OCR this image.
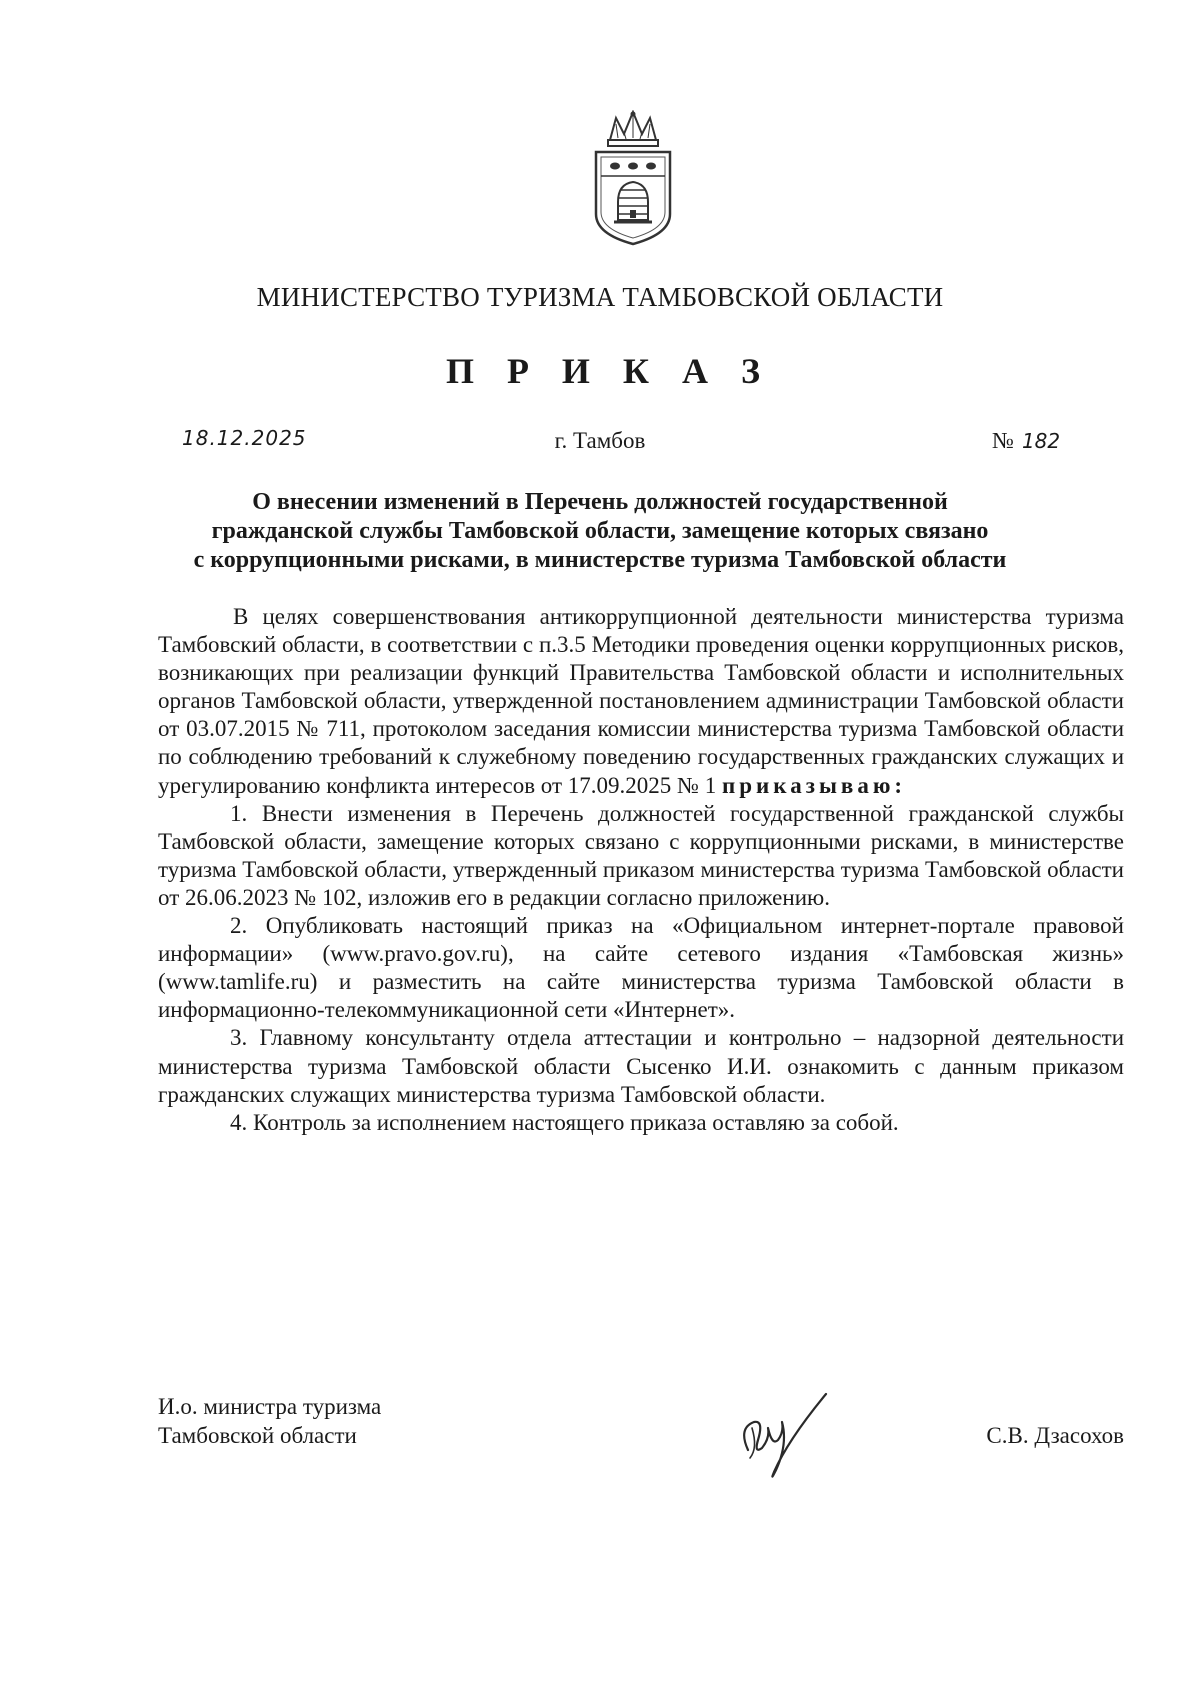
МИНИСТЕРСТВО ТУРИЗМА ТАМБОВСКОЙ ОБЛАСТИ
П Р И К А З
18.12.2025	г. Тамбов	№ 182
О внесении изменений в Перечень должностей государственной
гражданской службы Тамбовской области, замещение которых связано
с коррупционными рисками, в министерстве туризма Тамбовской области

В целях совершенствования антикоррупционной деятельности министерства туризма Тамбовский области, в соответствии с п.3.5 Методики проведения оценки коррупционных рисков, возникающих при реализации функций Правительства Тамбовской области и исполнительных органов Тамбовской области, утвержденной постановлением администрации Тамбовской области от 03.07.2015 № 711, протоколом заседания комиссии министерства туризма Тамбовской области по соблюдению требований к служебному поведению государственных гражданских служащих и урегулированию конфликта интересов от 17.09.2025 № 1 приказываю:

1. Внести изменения в Перечень должностей государственной гражданской службы Тамбовской области, замещение которых связано с коррупционными рисками, в министерстве туризма Тамбовской области, утвержденный приказом министерства туризма Тамбовской области от 26.06.2023 № 102, изложив его в редакции согласно приложению.

2. Опубликовать настоящий приказ на «Официальном интернет-портале правовой информации» (www.pravo.gov.ru), на сайте сетевого издания «Тамбовская жизнь» (www.tamlife.ru) и разместить на сайте министерства туризма Тамбовской области в информационно-телекоммуникационной сети «Интернет».

3. Главному консультанту отдела аттестации и контрольно – надзорной деятельности министерства туризма Тамбовской области Сысенко И.И. ознакомить с данным приказом гражданских служащих министерства туризма Тамбовской области.

4. Контроль за исполнением настоящего приказа оставляю за собой.

И.о. министра туризма
Тамбовской области	С.В. Дзасохов
